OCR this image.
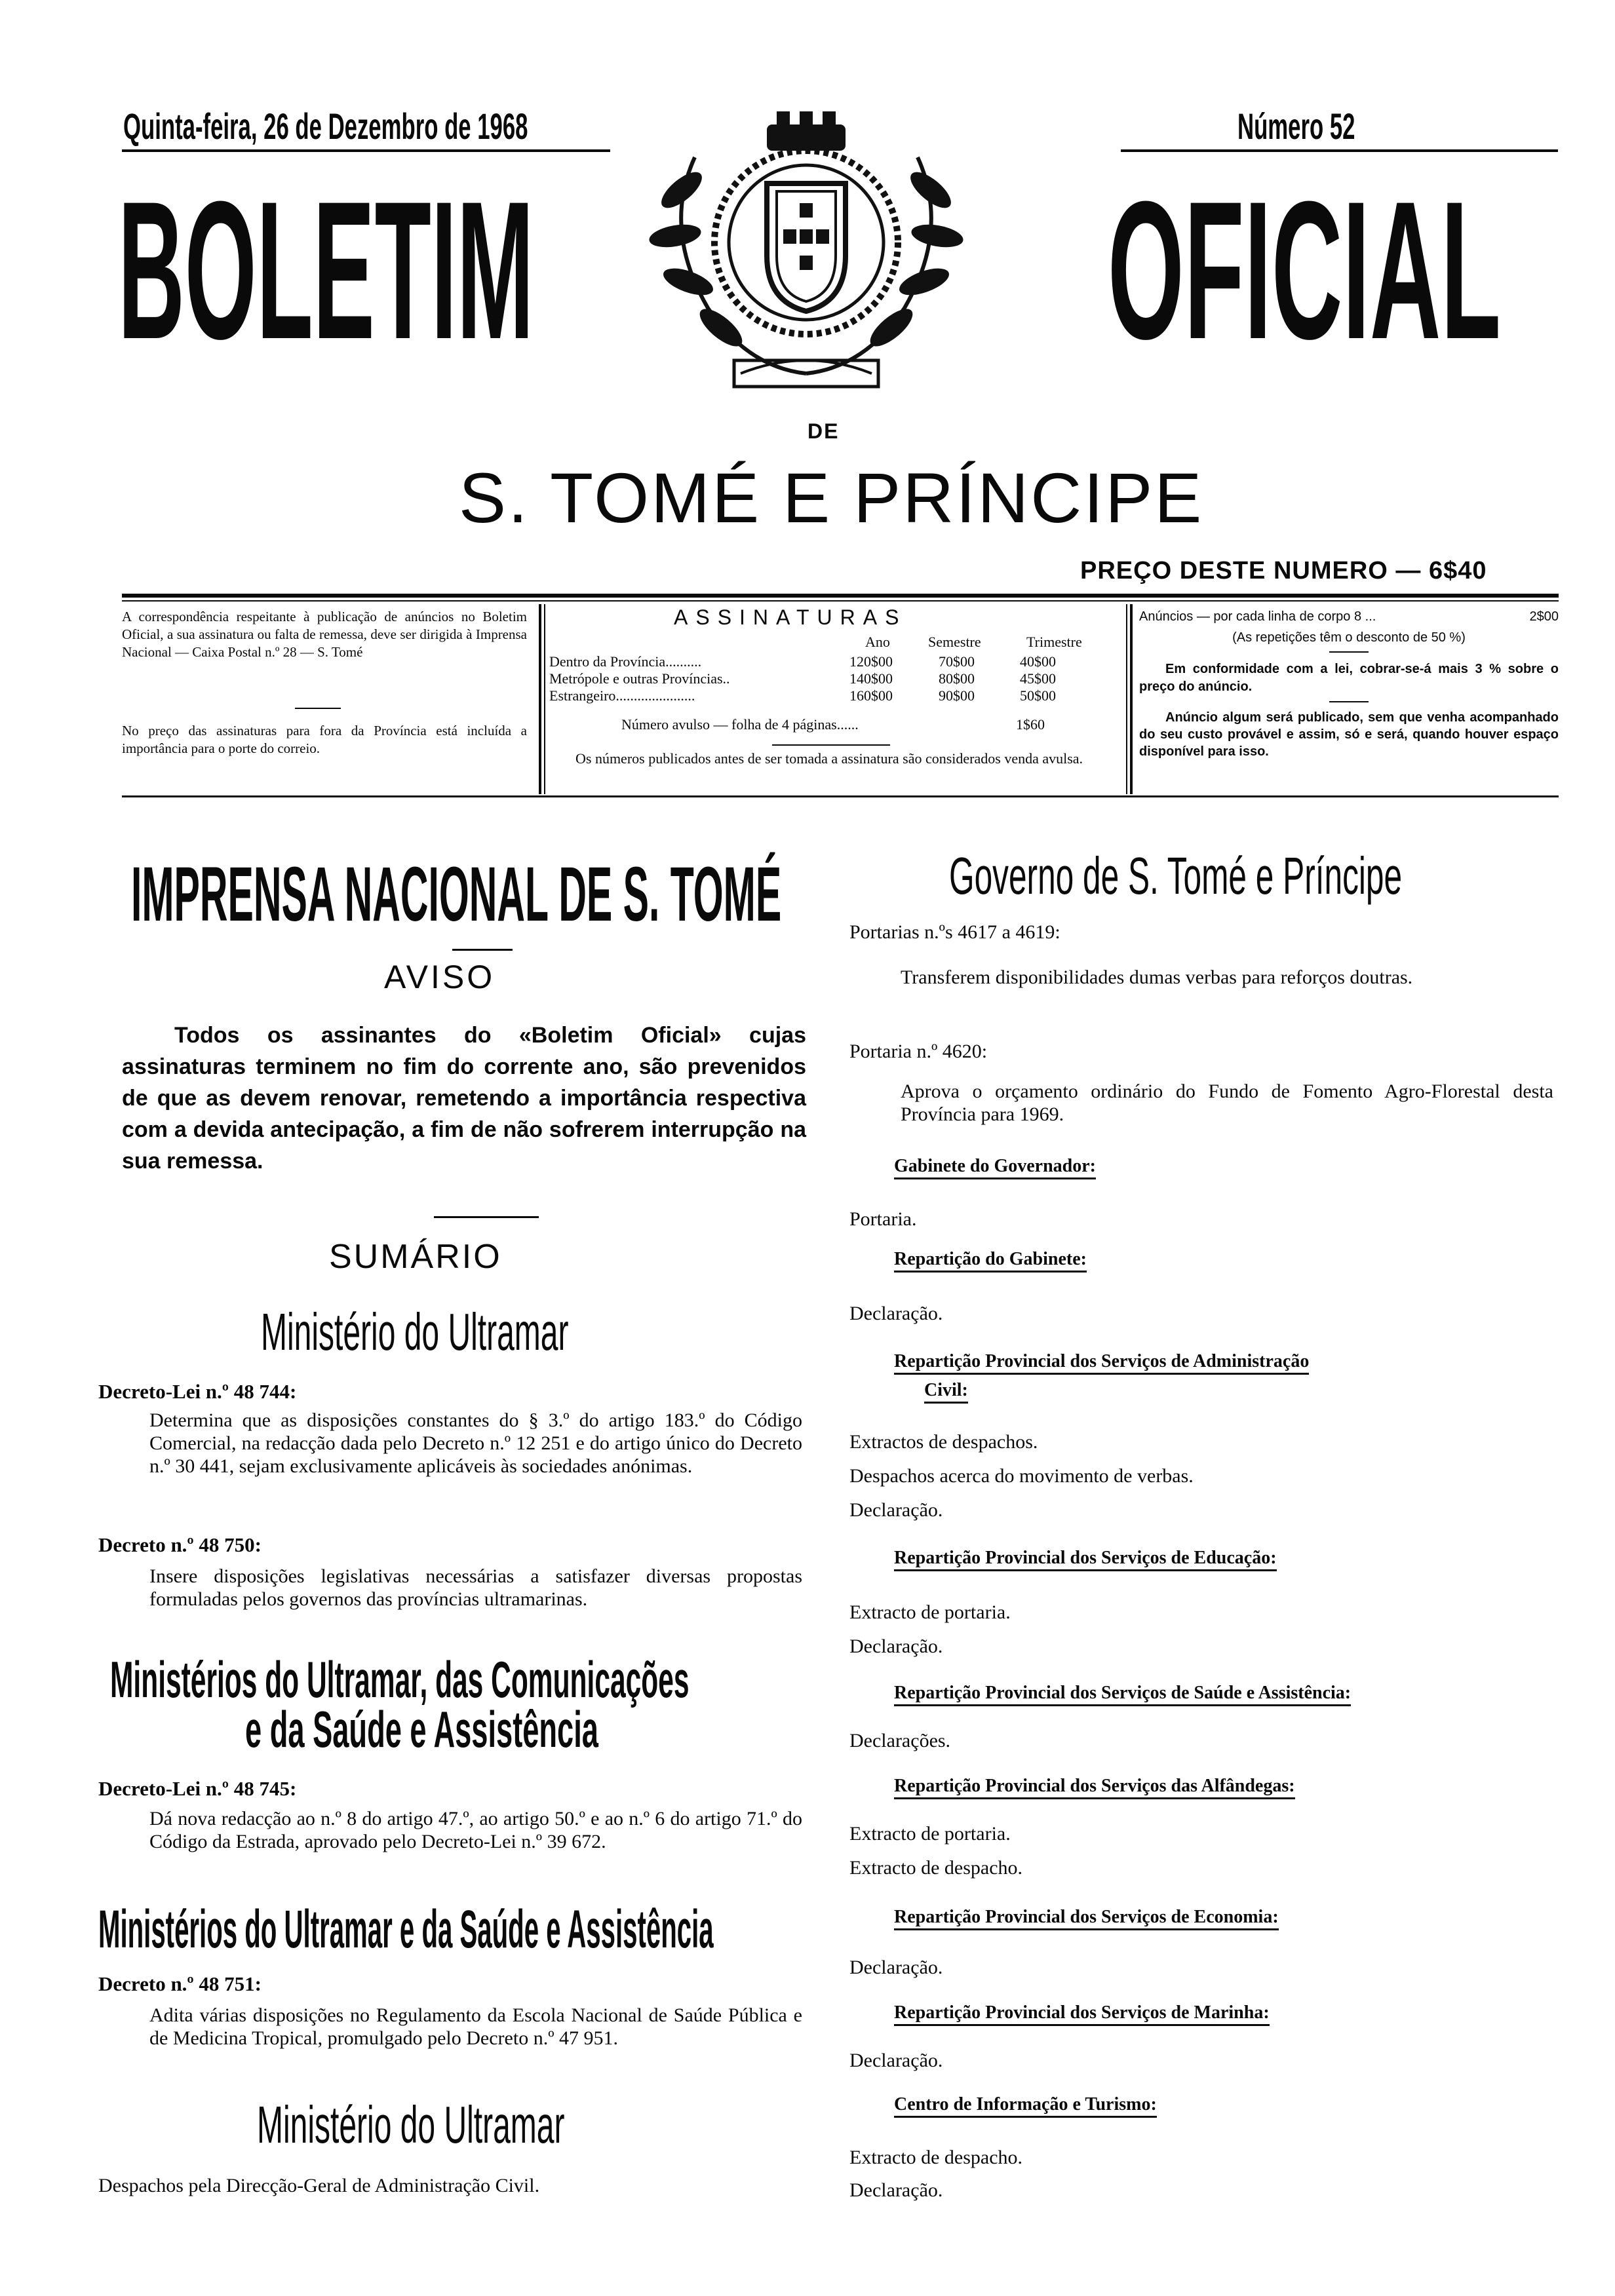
Quinta-feira, 26 de Dezembro de 1968	Número 52
BOLETIM	OFICIAL
DE
S. TOMÉ E PRÍNCIPE
PREÇO DESTE NUMERO — 6$40
A correspondência respeitante à publicação de anúncios no Boletim Oficial, a sua assinatura ou falta de remessa, deve ser dirigida à Imprensa Nacional — Caixa Postal n.º 28 — S. Tomé
No preço das assinaturas para fora da Província está incluída a importância para o porte do correio.
ASSINATURAS
Ano	Semestre	Trimestre
Dentro da Província..........	120$00	70$00	40$00
Metrópole e outras Províncias..	140$00	80$00	45$00
Estrangeiro......................	160$00	90$00	50$00
Número avulso — folha de 4 páginas......	1$60
Os números publicados antes de ser tomada a assinatura são considerados venda avulsa.
Anúncios — por cada linha de corpo 8 ...	2$00
(As repetições têm o desconto de 50 %)
Em conformidade com a lei, cobrar-se-á mais 3 % sobre o preço do anúncio.
Anúncio algum será publicado, sem que venha acompanhado do seu custo provável e assim, só e será, quando houver espaço disponível para isso.
IMPRENSA NACIONAL DE S. TOMÉ
AVISO
Todos os assinantes do «Boletim Oficial» cujas assinaturas terminem no fim do corrente ano, são prevenidos de que as devem renovar, remetendo a importância respectiva com a devida antecipação, a fim de não sofrerem interrupção na sua remessa.
SUMÁRIO
Ministério do Ultramar
Decreto-Lei n.º 48 744:
Determina que as disposições constantes do § 3.º do artigo 183.º do Código Comercial, na redacção dada pelo Decreto n.º 12 251 e do artigo único do Decreto n.º 30 441, sejam exclusivamente aplicáveis às sociedades anónimas.
Decreto n.º 48 750:
Insere disposições legislativas necessárias a satisfazer diversas propostas formuladas pelos governos das províncias ultramarinas.
Ministérios do Ultramar, das Comunicações
e da Saúde e Assistência
Decreto-Lei n.º 48 745:
Dá nova redacção ao n.º 8 do artigo 47.º, ao artigo 50.º e ao n.º 6 do artigo 71.º do Código da Estrada, aprovado pelo Decreto-Lei n.º 39 672.
Ministérios do Ultramar e da Saúde e Assistência
Decreto n.º 48 751:
Adita várias disposições no Regulamento da Escola Nacional de Saúde Pública e de Medicina Tropical, promulgado pelo Decreto n.º 47 951.
Ministério do Ultramar
Despachos pela Direcção-Geral de Administração Civil.
Governo de S. Tomé e Príncipe
Portarias n.ºs 4617 a 4619:
Transferem disponibilidades dumas verbas para reforços doutras.
Portaria n.º 4620:
Aprova o orçamento ordinário do Fundo de Fomento Agro-Florestal desta Província para 1969.
Gabinete do Governador:
Portaria.
Repartição do Gabinete:
Declaração.
Repartição Provincial dos Serviços de Administração
Civil:
Extractos de despachos.
Despachos acerca do movimento de verbas.
Declaração.
Repartição Provincial dos Serviços de Educação:
Extracto de portaria.
Declaração.
Repartição Provincial dos Serviços de Saúde e Assistência:
Declarações.
Repartição Provincial dos Serviços das Alfândegas:
Extracto de portaria.
Extracto de despacho.
Repartição Provincial dos Serviços de Economia:
Declaração.
Repartição Provincial dos Serviços de Marinha:
Declaração.
Centro de Informação e Turismo:
Extracto de despacho.
Declaração.
